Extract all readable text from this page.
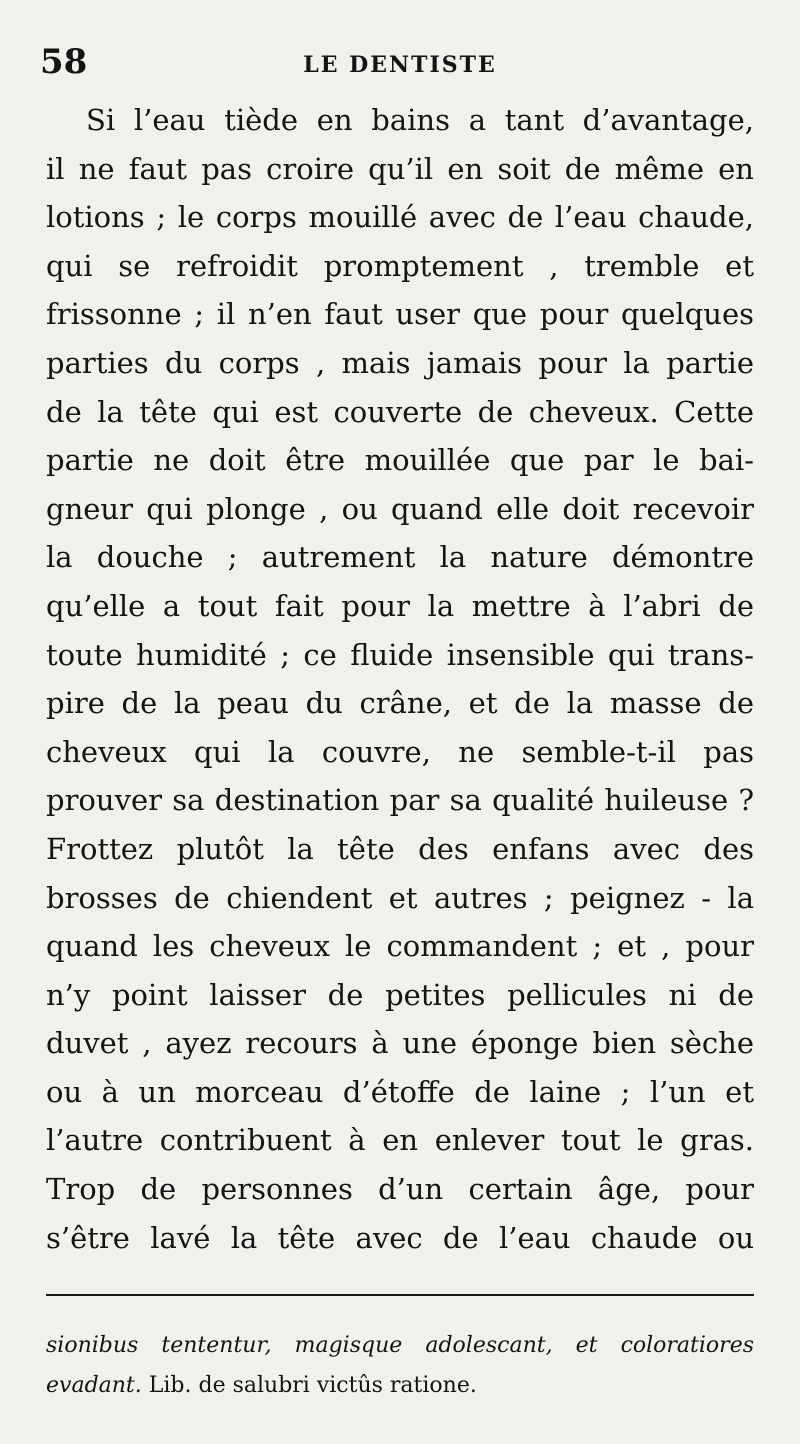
58	LE DENTISTE
Si l’eau tiède en bains a tant d’avantage,
il ne faut pas croire qu’il en soit de même en
lotions ; le corps mouillé avec de l’eau chaude,
qui se refroidit promptement , tremble et
frissonne ; il n’en faut user que pour quelques
parties du corps , mais jamais pour la partie
de la tête qui est couverte de cheveux. Cette
partie ne doit être mouillée que par le bai-
gneur qui plonge , ou quand elle doit recevoir
la douche ; autrement la nature démontre
qu’elle a tout fait pour la mettre à l’abri de
toute humidité ; ce fluide insensible qui trans-
pire de la peau du crâne, et de la masse de
cheveux qui la couvre, ne semble-t-il pas
prouver sa destination par sa qualité huileuse ?
Frottez plutôt la tête des enfans avec des
brosses de chiendent et autres ; peignez - la
quand les cheveux le commandent ; et , pour
n’y point laisser de petites pellicules ni de
duvet , ayez recours à une éponge bien sèche
ou à un morceau d’étoffe de laine ; l’un et
l’autre contribuent à en enlever tout le gras.
Trop de personnes d’un certain âge, pour
s’être lavé la tête avec de l’eau chaude ou
sionibus tententur, magisque adolescant, et coloratiores
evadant. Lib. de salubri victûs ratione.
